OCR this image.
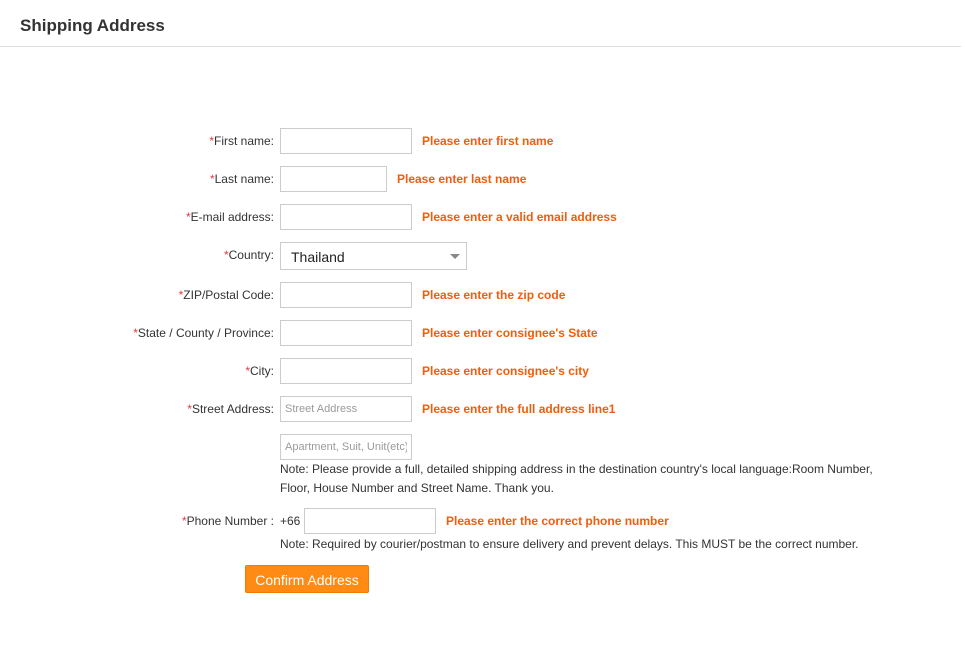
Shipping Address
*First name:	Please enter first name
*Last name:	Please enter last name
*E-mail address:	Please enter a valid email address
*Country: Thailand
*ZIP/Postal Code:	Please enter the zip code
*State / County / Province:	Please enter consignee's State
*City:	Please enter consignee's city
*Street Address:
Street Address	Please enter the full address line1
Apartment, Suit, Unit(etc)
Note: Please provide a full, detailed shipping address in the destination country's local language:Room Number,
Floor, House Number and Street Name. Thank you.
*Phone Number : +66	Please enter the correct phone number
Note: Required by courier/postman to ensure delivery and prevent delays. This MUST be the correct number.
Confirm Address
